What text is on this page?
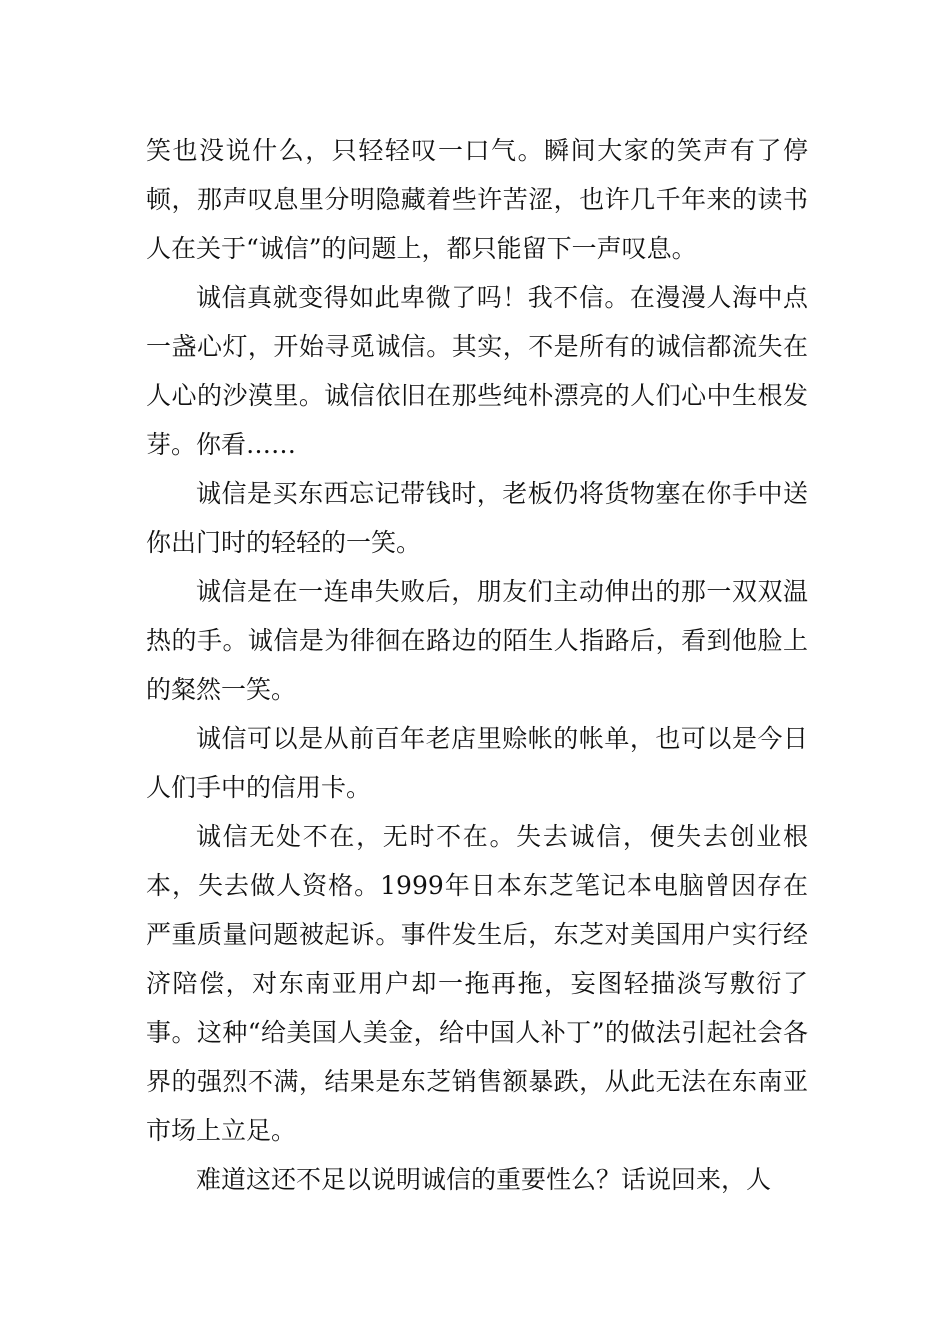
笑也没说什么，只轻轻叹一口气。瞬间大家的笑声有了停顿，那声叹息里分明隐藏着些许苦涩，也许几千年来的读书人在关于“诚信”的问题上，都只能留下一声叹息。

诚信真就变得如此卑微了吗！我不信。在漫漫人海中点一盏心灯，开始寻觅诚信。其实，不是所有的诚信都流失在人心的沙漠里。诚信依旧在那些纯朴漂亮的人们心中生根发芽。你看……

诚信是买东西忘记带钱时，老板仍将货物塞在你手中送你出门时的轻轻的一笑。

诚信是在一连串失败后，朋友们主动伸出的那一双双温热的手。诚信是为徘徊在路边的陌生人指路后，看到他脸上的粲然一笑。

诚信可以是从前百年老店里赊帐的帐单，也可以是今日人们手中的信用卡。

诚信无处不在，无时不在。失去诚信，便失去创业根本，失去做人资格。1999年日本东芝笔记本电脑曾因存在严重质量问题被起诉。事件发生后，东芝对美国用户实行经济陪偿，对东南亚用户却一拖再拖，妄图轻描淡写敷衍了事。这种“给美国人美金，给中国人补丁”的做法引起社会各界的强烈不满，结果是东芝销售额暴跌，从此无法在东南亚市场上立足。

难道这还不足以说明诚信的重要性么？话说回来，人
